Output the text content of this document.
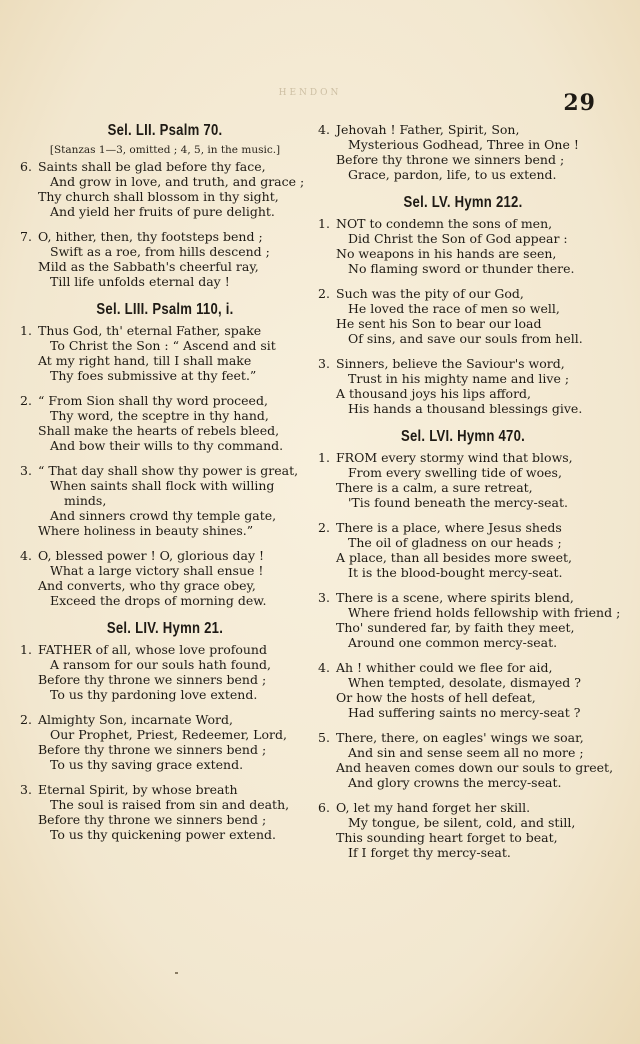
HENDON	29
Sel. LII. Psalm 70.
[Stanzas 1—3, omitted ; 4, 5, in the music.]
6. Saints shall be glad before thy face,
And grow in love, and truth, and grace ;
Thy church shall blossom in thy sight,
And yield her fruits of pure delight.
7. O, hither, then, thy footsteps bend ;
Swift as a roe, from hills descend ;
Mild as the Sabbath's cheerful ray,
Till life unfolds eternal day !
Sel. LIII. Psalm 110, i.
1. Thus God, th' eternal Father, spake
To Christ the Son : “ Ascend and sit
At my right hand, till I shall make
Thy foes submissive at thy feet.”
2. “ From Sion shall thy word proceed,
Thy word, the sceptre in thy hand,
Shall make the hearts of rebels bleed,
And bow their wills to thy command.
3. “ That day shall show thy power is great,
When saints shall flock with willing
minds,
And sinners crowd thy temple gate,
Where holiness in beauty shines.”
4. O, blessed power ! O, glorious day !
What a large victory shall ensue !
And converts, who thy grace obey,
Exceed the drops of morning dew.
Sel. LIV. Hymn 21.
1. FATHER of all, whose love profound
A ransom for our souls hath found,
Before thy throne we sinners bend ;
To us thy pardoning love extend.
2. Almighty Son, incarnate Word,
Our Prophet, Priest, Redeemer, Lord,
Before thy throne we sinners bend ;
To us thy saving grace extend.
3. Eternal Spirit, by whose breath
The soul is raised from sin and death,
Before thy throne we sinners bend ;
To us thy quickening power extend.
4. Jehovah ! Father, Spirit, Son,
Mysterious Godhead, Three in One !
Before thy throne we sinners bend ;
Grace, pardon, life, to us extend.
Sel. LV. Hymn 212.
1. NOT to condemn the sons of men,
Did Christ the Son of God appear :
No weapons in his hands are seen,
No flaming sword or thunder there.
2. Such was the pity of our God,
He loved the race of men so well,
He sent his Son to bear our load
Of sins, and save our souls from hell.
3. Sinners, believe the Saviour's word,
Trust in his mighty name and live ;
A thousand joys his lips afford,
His hands a thousand blessings give.
Sel. LVI. Hymn 470.
1. FROM every stormy wind that blows,
From every swelling tide of woes,
There is a calm, a sure retreat,
'Tis found beneath the mercy-seat.
2. There is a place, where Jesus sheds
The oil of gladness on our heads ;
A place, than all besides more sweet,
It is the blood-bought mercy-seat.
3. There is a scene, where spirits blend,
Where friend holds fellowship with friend ;
Tho' sundered far, by faith they meet,
Around one common mercy-seat.
4. Ah ! whither could we flee for aid,
When tempted, desolate, dismayed ?
Or how the hosts of hell defeat,
Had suffering saints no mercy-seat ?
5. There, there, on eagles' wings we soar,
And sin and sense seem all no more ;
And heaven comes down our souls to greet,
And glory crowns the mercy-seat.
6. O, let my hand forget her skill.
My tongue, be silent, cold, and still,
This sounding heart forget to beat,
If I forget thy mercy-seat.
